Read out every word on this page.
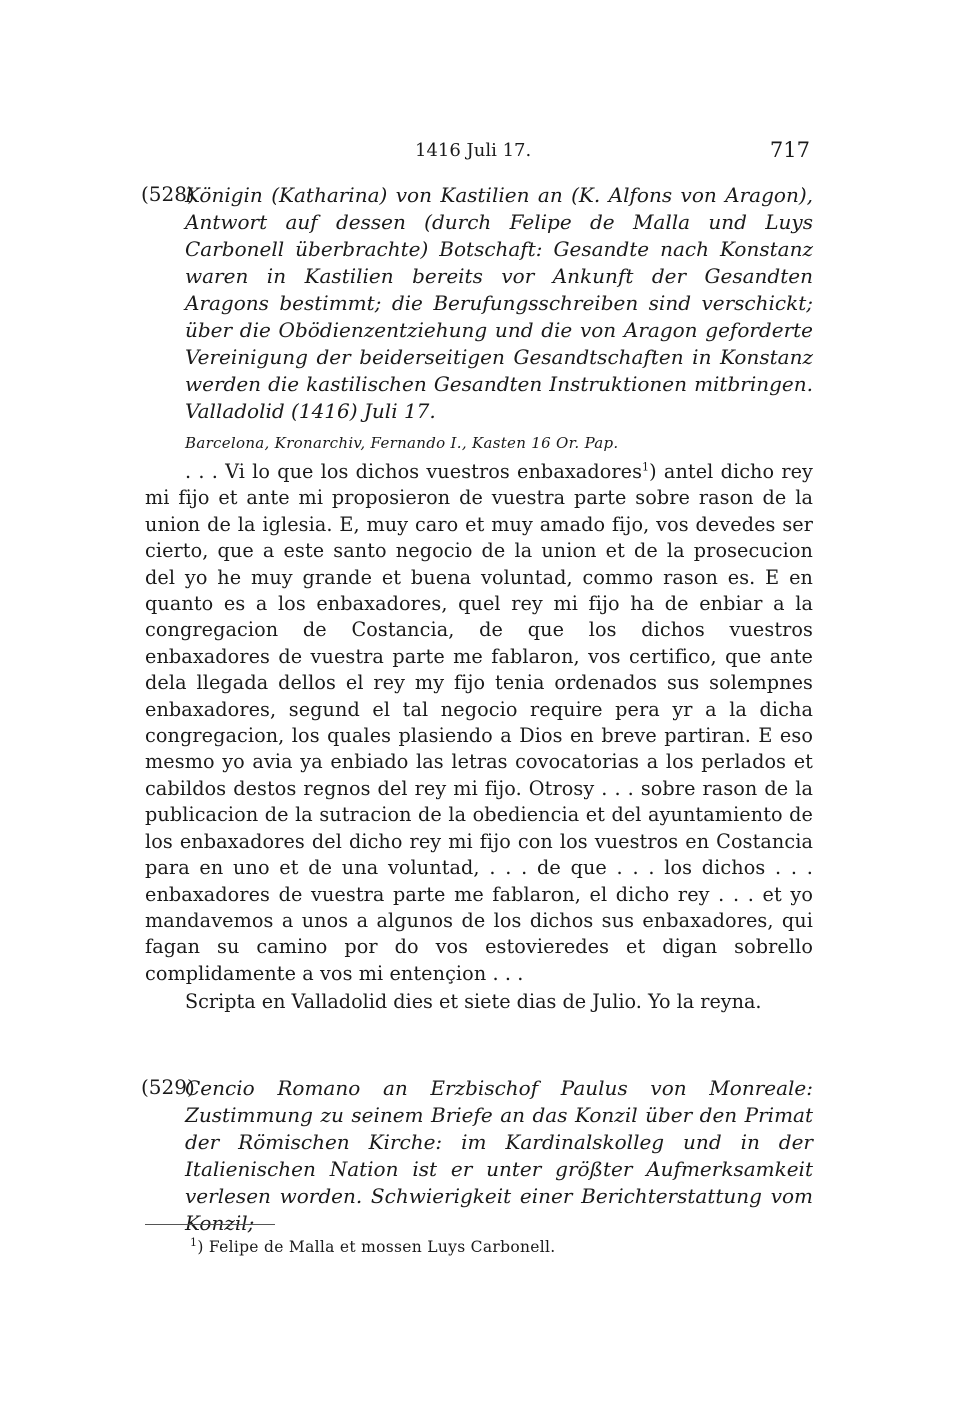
1416 Juli 17.	717
(528)

Königin (Katharina) von Kastilien an (K. Alfons von Aragon), Antwort auf dessen (durch Felipe de Malla und Luys Carbonell überbrachte) Botschaft: Gesandte nach Konstanz waren in Kastilien bereits vor Ankunft der Gesandten Aragons bestimmt; die Berufungsschreiben sind verschickt; über die Obödienzentziehung und die von Aragon geforderte Vereinigung der beiderseitigen Gesandtschaften in Konstanz werden die kastilischen Gesandten Instruktionen mitbringen. Valladolid (1416) Juli 17.

Barcelona, Kronarchiv, Fernando I., Kasten 16 Or. Pap.

. . . Vi lo que los dichos vuestros enbaxadores$^1$) antel dicho rey mi fijo et ante mi proposieron de vuestra parte sobre rason de la union de la iglesia. E, muy caro et muy amado fijo, vos devedes ser cierto, que a este santo negocio de la union et de la prosecucion del yo he muy grande et buena voluntad, commo rason es. E en quanto es a los enbaxadores, quel rey mi fijo ha de enbiar a la congregacion de Costancia, de que los dichos vuestros enbaxadores de vuestra parte me fablaron, vos certifico, que ante dela llegada dellos el rey my fijo tenia ordenados sus solempnes enbaxadores, segund el tal negocio require pera yr a la dicha congregacion, los quales plasiendo a Dios en breve partiran. E eso mesmo yo avia ya enbiado las letras covocatorias a los perlados et cabildos destos regnos del rey mi fijo. Otrosy . . . sobre rason de la publicacion de la sutracion de la obediencia et del ayuntamiento de los enbaxadores del dicho rey mi fijo con los vuestros en Costancia para en uno et de una voluntad, . . . de que . . . los dichos . . . enbaxadores de vuestra parte me fablaron, el dicho rey . . . et yo mandavemos a unos a algunos de los dichos sus enbaxadores, qui fagan su camino por do vos estovieredes et digan sobrello complidamente a vos mi entençion . . .

Scripta en Valladolid dies et siete dias de Julio. Yo la reyna.

(529)

Cencio Romano an Erzbischof Paulus von Monreale: Zustimmung zu seinem Briefe an das Konzil über den Primat der Römischen Kirche: im Kardinalskolleg und in der Italienischen Nation ist er unter größter Aufmerksamkeit verlesen worden. Schwierigkeit einer Berichterstattung vom Konzil;

$^1$) Felipe de Malla et mossen Luys Carbonell.
